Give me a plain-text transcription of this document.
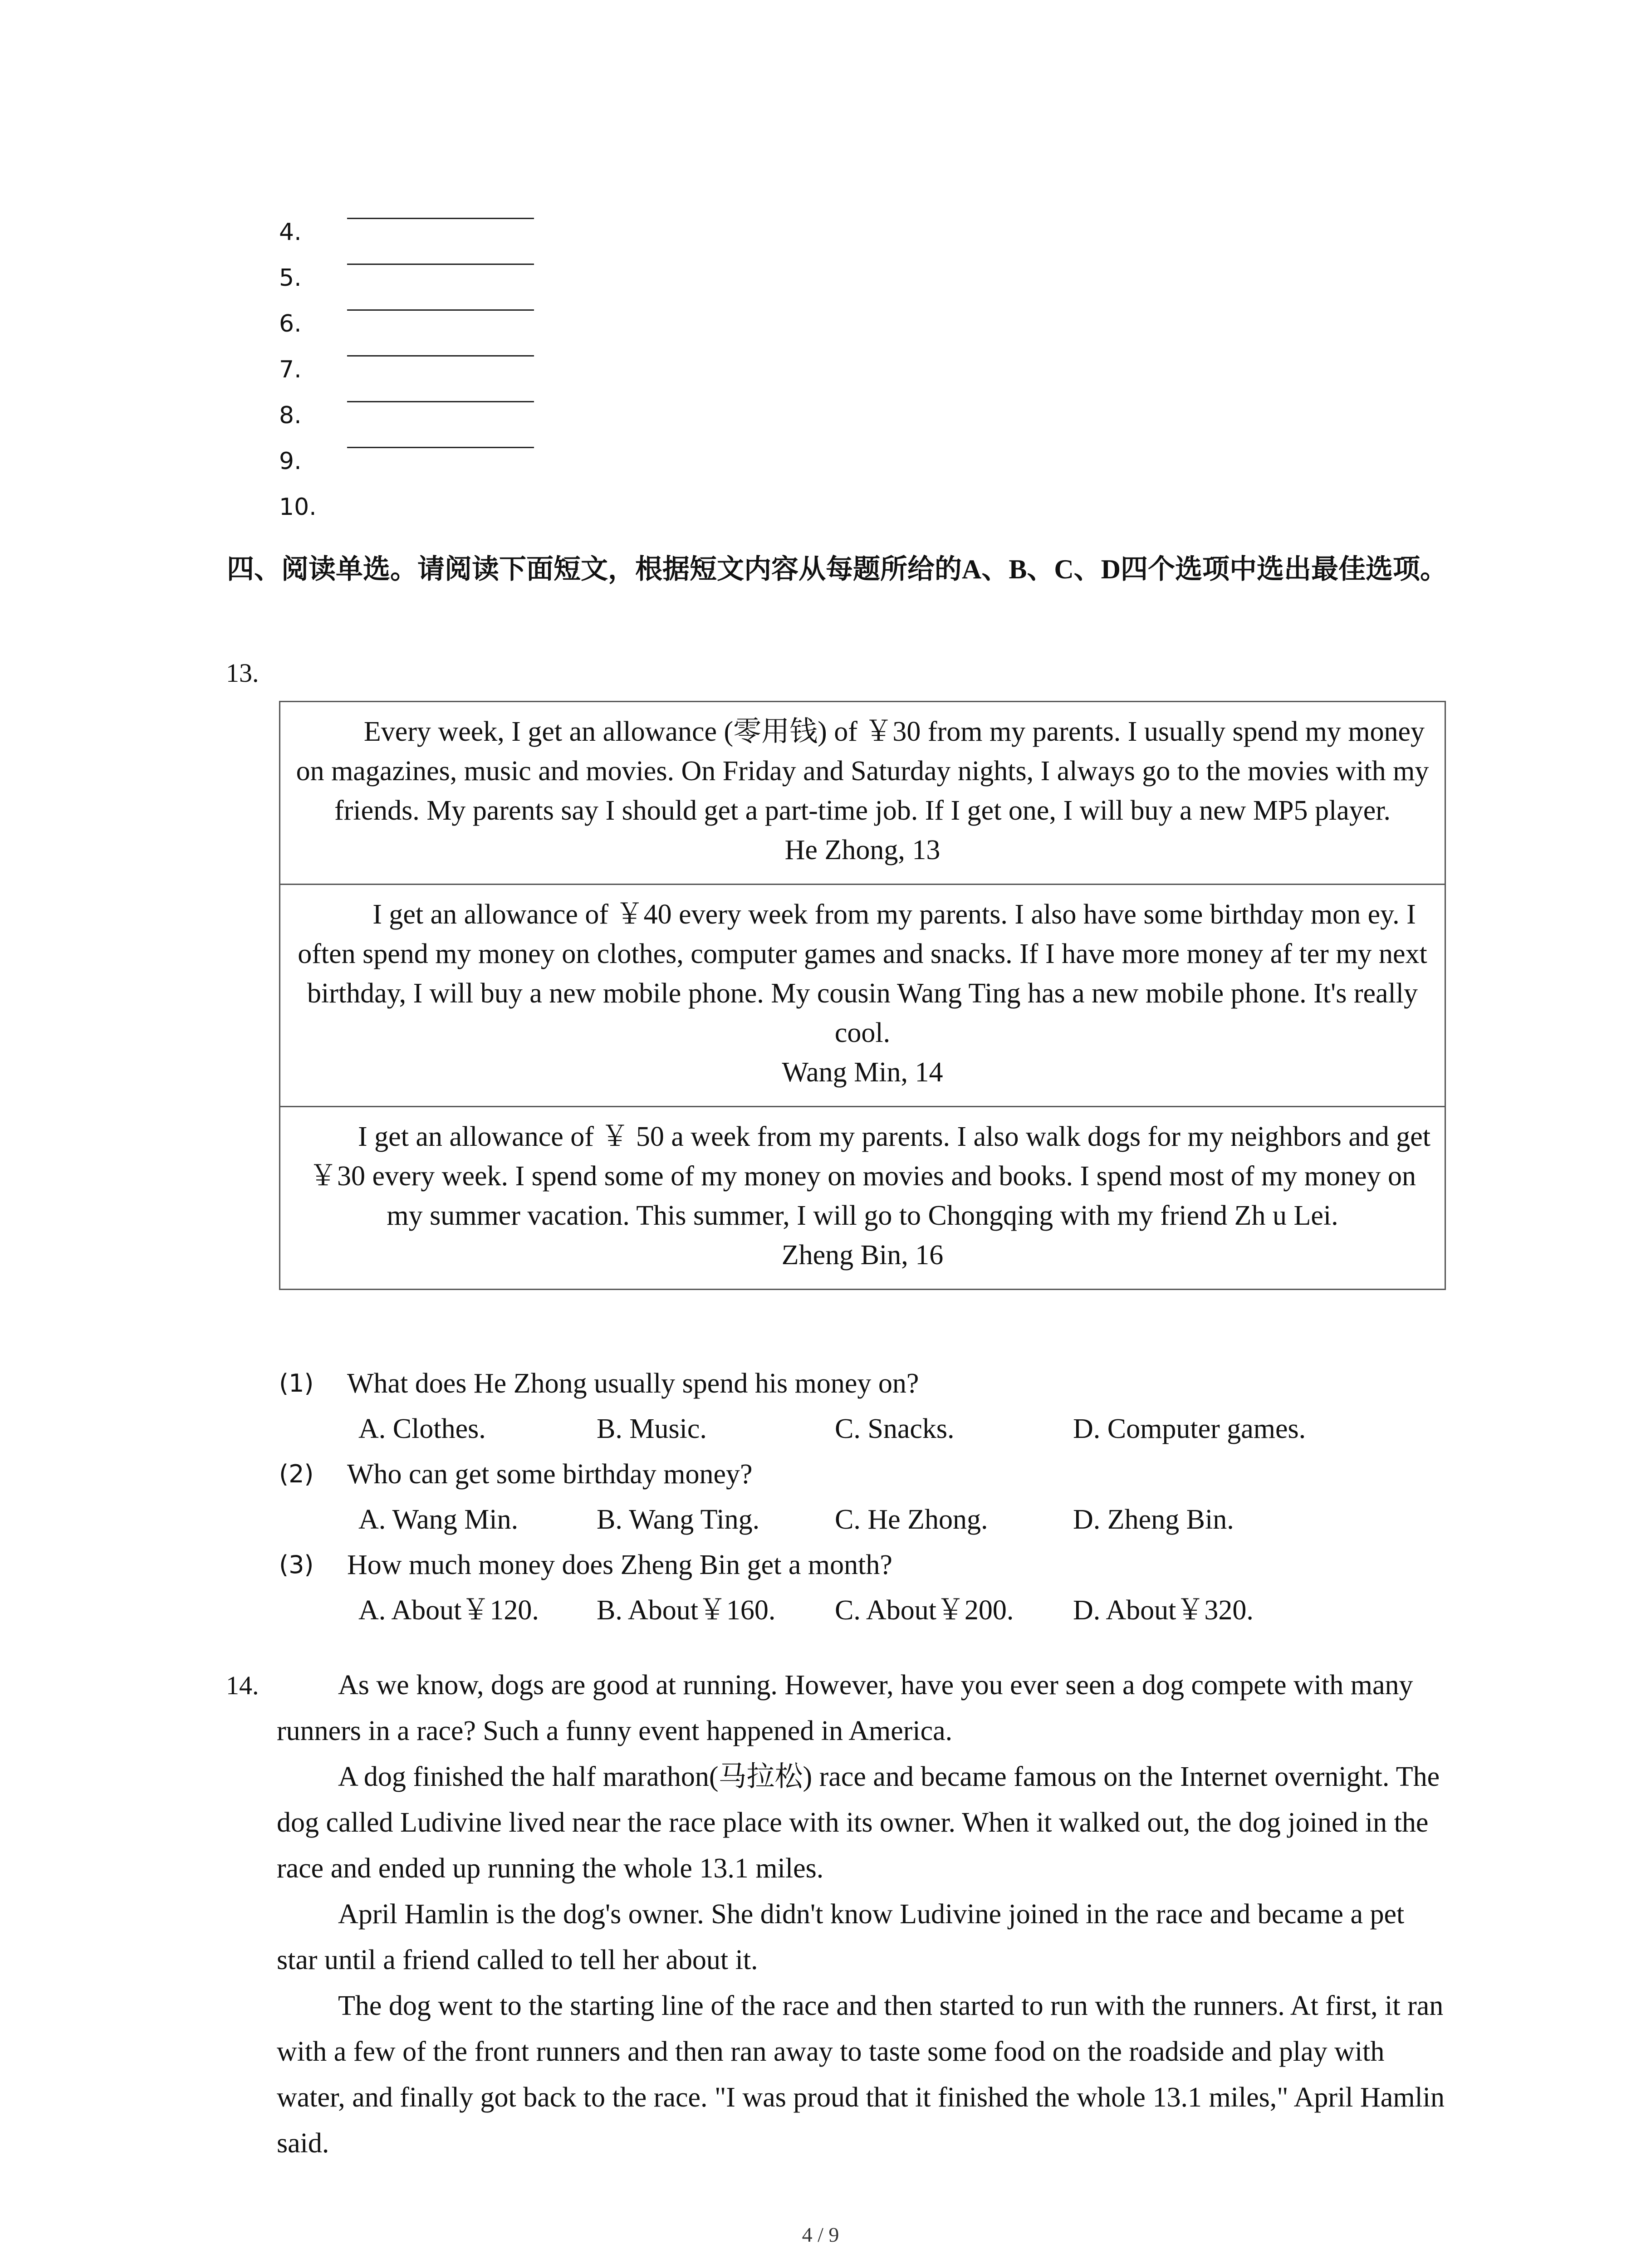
4.
5.
6.
7.
8.
9.
10.
四、阅读单选。请阅读下面短文，根据短文内容从每题所给的A、B、C、D四个选项中选出最佳选项。
13.
Every week, I get an allowance (零用钱) of ￥30 from my parents. I usually spend my money on magazines, music and movies. On Friday and Saturday nights, I always go to the movies with my friends. My parents say I should get a part-time job. If I get one, I will buy a new MP5 player.
He Zhong, 13
I get an allowance of ￥40 every week from my parents. I also have some birthday mon ey. I often spend my money on clothes, computer games and snacks. If I have more money af ter my next birthday, I will buy a new mobile phone. My cousin Wang Ting has a new mobile phone. It's really cool.
Wang Min, 14
I get an allowance of ￥ 50 a week from my parents. I also walk dogs for my neighbors and get ￥30 every week. I spend some of my money on movies and books. I spend most of my money on my summer vacation. This summer, I will go to Chongqing with my friend Zh u Lei.
Zheng Bin, 16
(1) What does He Zhong usually spend his money on?
A. Clothes.	B. Music.	C. Snacks.	D. Computer games.
(2) Who can get some birthday money?
A. Wang Min.	B. Wang Ting.	C. He Zhong.	D. Zheng Bin.
(3) How much money does Zheng Bin get a month?
A. About￥120. B. About￥160. C. About￥200. D. About￥320.
14.	As we know, dogs are good at running. However, have you ever seen a dog compete with many runners in a race? Such a funny event happened in America.

A dog finished the half marathon(马拉松) race and became famous on the Internet overnight. The dog called Ludivine lived near the race place with its owner. When it walked out, the dog joined in the race and ended up running the whole 13.1 miles.

April Hamlin is the dog's owner. She didn't know Ludivine joined in the race and became a pet star until a friend called to tell her about it.

The dog went to the starting line of the race and then started to run with the runners. At first, it ran with a few of the front runners and then ran away to taste some food on the roadside and play with water, and finally got back to the race. "I was proud that it finished the whole 13.1 miles," April Hamlin said.

4 / 9
